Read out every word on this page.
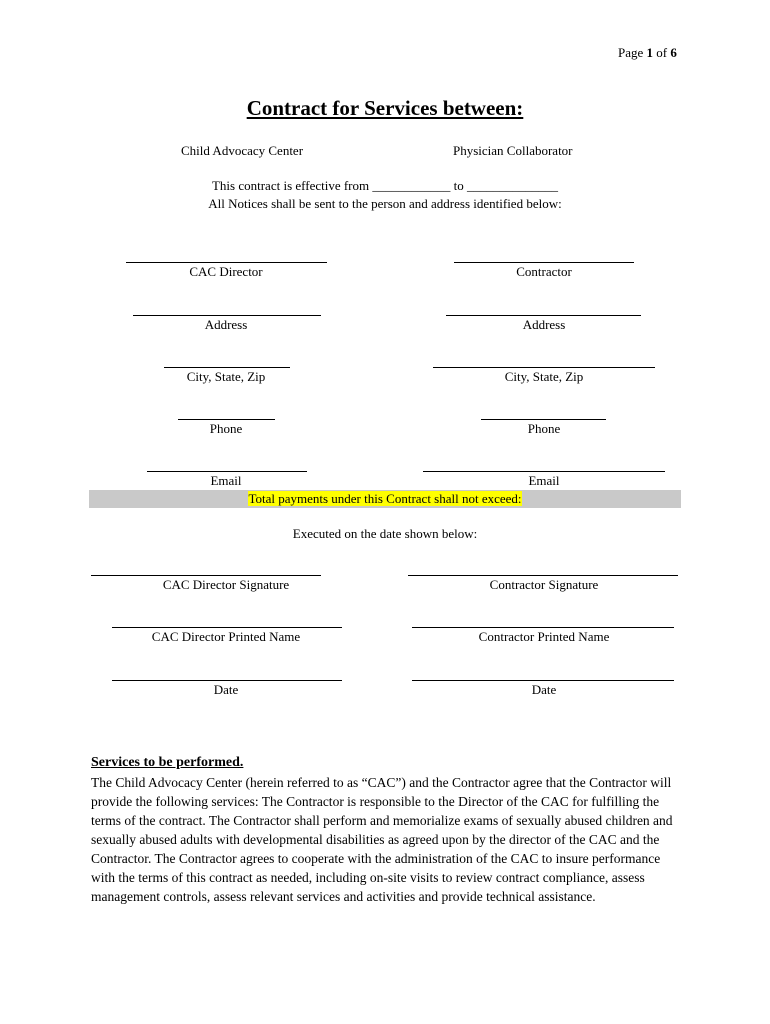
Page 1 of 6
Contract for Services between:
Child Advocacy Center	Physician Collaborator
This contract is effective from ____________ to ______________
All Notices shall be sent to the person and address identified below:
CAC Director
Address
City, State, Zip
Phone
Email
Contractor
Address
City, State, Zip
Phone
Email
Total payments under this Contract shall not exceed:
Executed on the date shown below:
CAC Director Signature
CAC Director Printed Name
Date
Contractor Signature
Contractor Printed Name
Date
Services to be performed.
The Child Advocacy Center (herein referred to as “CAC”) and the Contractor agree that the Contractor will provide the following services: The Contractor is responsible to the Director of the CAC for fulfilling the terms of the contract. The Contractor shall perform and memorialize exams of sexually abused children and sexually abused adults with developmental disabilities as agreed upon by the director of the CAC and the Contractor. The Contractor agrees to cooperate with the administration of the CAC to insure performance with the terms of this contract as needed, including on-site visits to review contract compliance, assess management controls, assess relevant services and activities and provide technical assistance.
